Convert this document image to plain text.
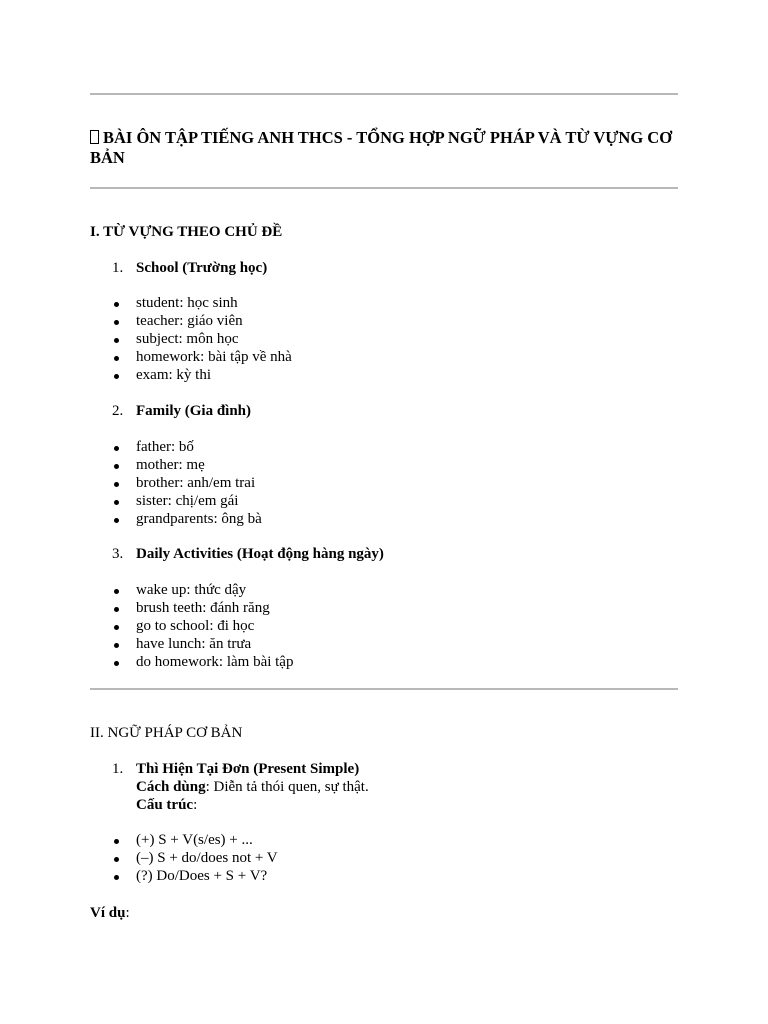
BÀI ÔN TẬP TIẾNG ANH THCS - TỔNG HỢP NGỮ PHÁP VÀ TỪ VỰNG CƠ BẢN
I. TỪ VỰNG THEO CHỦ ĐỀ
1. School (Trường học)
student: học sinh
teacher: giáo viên
subject: môn học
homework: bài tập về nhà
exam: kỳ thi
2. Family (Gia đình)
father: bố
mother: mẹ
brother: anh/em trai
sister: chị/em gái
grandparents: ông bà
3. Daily Activities (Hoạt động hàng ngày)
wake up: thức dậy
brush teeth: đánh răng
go to school: đi học
have lunch: ăn trưa
do homework: làm bài tập
II. NGỮ PHÁP CƠ BẢN
1. Thì Hiện Tại Đơn (Present Simple)
Cách dùng: Diễn tả thói quen, sự thật.
Cấu trúc:
(+) S + V(s/es) + ...
(–) S + do/does not + V
(?) Do/Does + S + V?
Ví dụ:
